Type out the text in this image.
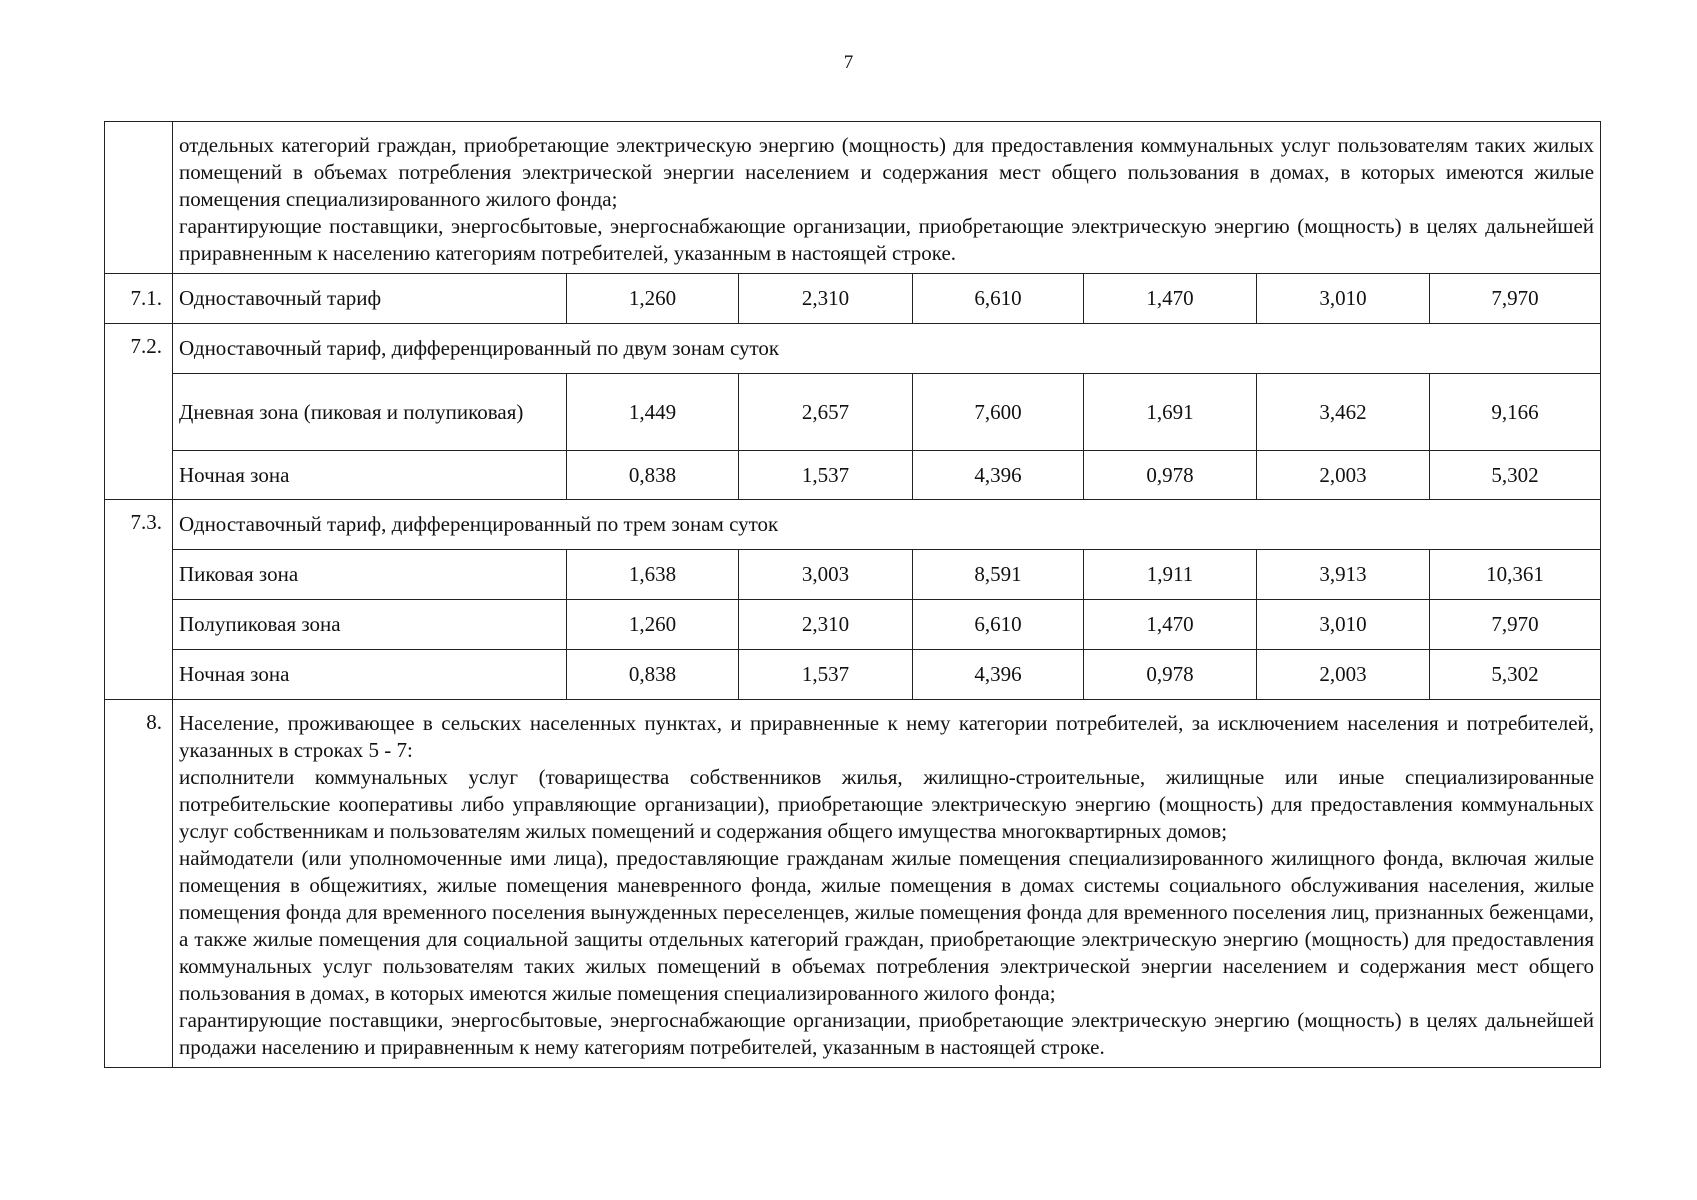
7

	отдельных категорий граждан, приобретающие электрическую энергию (мощность) для предоставления коммунальных услуг пользователям таких жилых помещений в объемах потребления электрической энергии населением и содержания мест общего пользования в домах, в которых имеются жилые помещения специализированного жилого фонда;

гарантирующие поставщики, энергосбытовые, энергоснабжающие организации, приобретающие электрическую энергию (мощность) в целях дальнейшей приравненным к населению категориям потребителей, указанным в настоящей строке.						

7.1.	Одноставочный тариф	1,260	2,310	6,610	1,470	3,010	7,970
7.2.	Одноставочный тариф, дифференцированный по двум зонам суток						
	Дневная зона (пиковая и полупиковая)	1,449	2,657	7,600	1,691	3,462	9,166
	Ночная зона	0,838	1,537	4,396	0,978	2,003	5,302
7.3.	Одноставочный тариф, дифференцированный по трем зонам суток						
	Пиковая зона	1,638	3,003	8,591	1,911	3,913	10,361
	Полупиковая зона	1,260	2,310	6,610	1,470	3,010	7,970
	Ночная зона	0,838	1,537	4,396	0,978	2,003	5,302
8.	Население, проживающее в сельских населенных пунктах, и приравненные к нему категории потребителей, за исключением населения и потребителей, указанных в строках 5 - 7:

исполнители коммунальных услуг (товарищества собственников жилья, жилищно-строительные, жилищные или иные специализированные потребительские кооперативы либо управляющие организации), приобретающие электрическую энергию (мощность) для предоставления коммунальных услуг собственникам и пользователям жилых помещений и содержания общего имущества многоквартирных домов;

наймодатели (или уполномоченные ими лица), предоставляющие гражданам жилые помещения специализированного жилищного фонда, включая жилые помещения в общежитиях, жилые помещения маневренного фонда, жилые помещения в домах системы социального обслуживания населения, жилые помещения фонда для временного поселения вынужденных переселенцев, жилые помещения фонда для временного поселения лиц, признанных беженцами, а также жилые помещения для социальной защиты отдельных категорий граждан, приобретающие электрическую энергию (мощность) для предоставления коммунальных услуг пользователям таких жилых помещений в объемах потребления электрической энергии населением и содержания мест общего пользования в домах, в которых имеются жилые помещения специализированного жилого фонда;

гарантирующие поставщики, энергосбытовые, энергоснабжающие организации, приобретающие электрическую энергию (мощность) в целях дальнейшей продажи населению и приравненным к нему категориям потребителей, указанным в настоящей строке.						
